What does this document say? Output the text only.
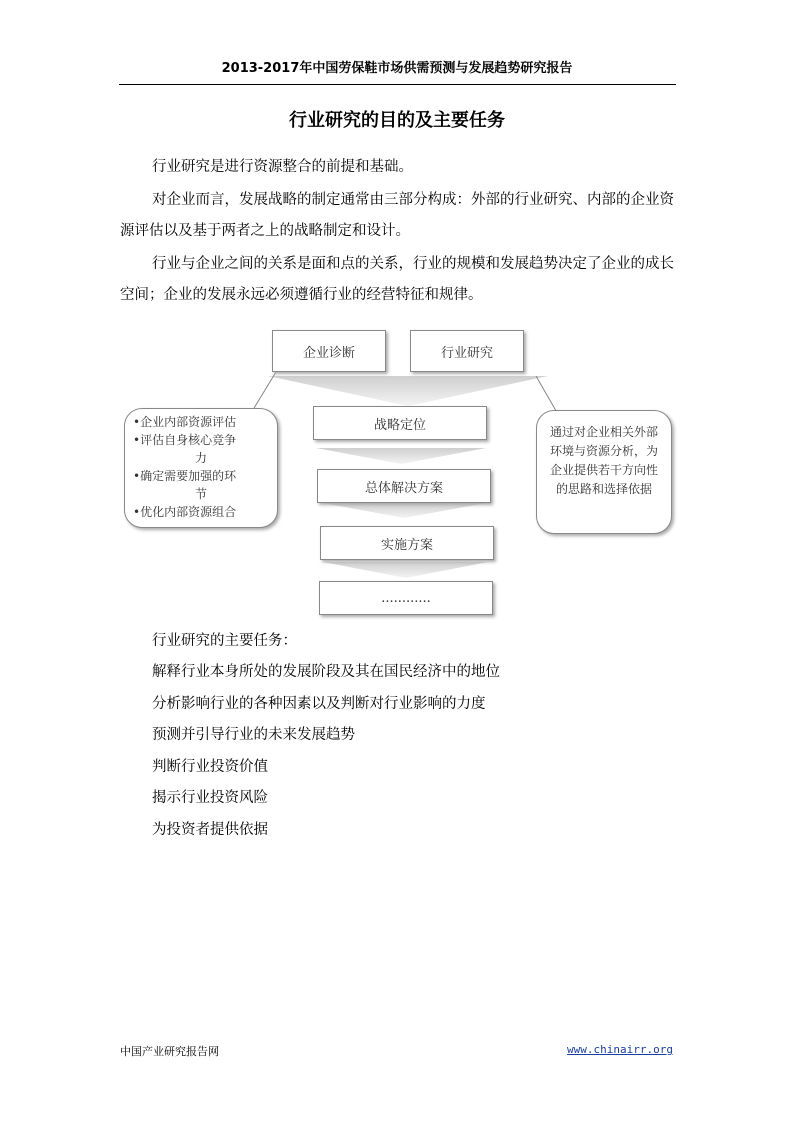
2013-2017年中国劳保鞋市场供需预测与发展趋势研究报告
行业研究的目的及主要任务
行业研究是进行资源整合的前提和基础。
对企业而言，发展战略的制定通常由三部分构成：外部的行业研究、内部的企业资源评估以及基于两者之上的战略制定和设计。
行业与企业之间的关系是面和点的关系，行业的规模和发展趋势决定了企业的成长空间；企业的发展永远必须遵循行业的经营特征和规律。
企业诊断	行业研究
战略定位
总体解决方案
实施方案
............
•企业内部资源评估
•评估自身核心竞争
力
•确定需要加强的环
节
•优化内部资源组合
通过对企业相关外部环境与资源分析，为企业提供若干方向性的思路和选择依据
行业研究的主要任务：
解释行业本身所处的发展阶段及其在国民经济中的地位
分析影响行业的各种因素以及判断对行业影响的力度
预测并引导行业的未来发展趋势
判断行业投资价值
揭示行业投资风险
为投资者提供依据
中国产业研究报告网	www.chinairr.org
